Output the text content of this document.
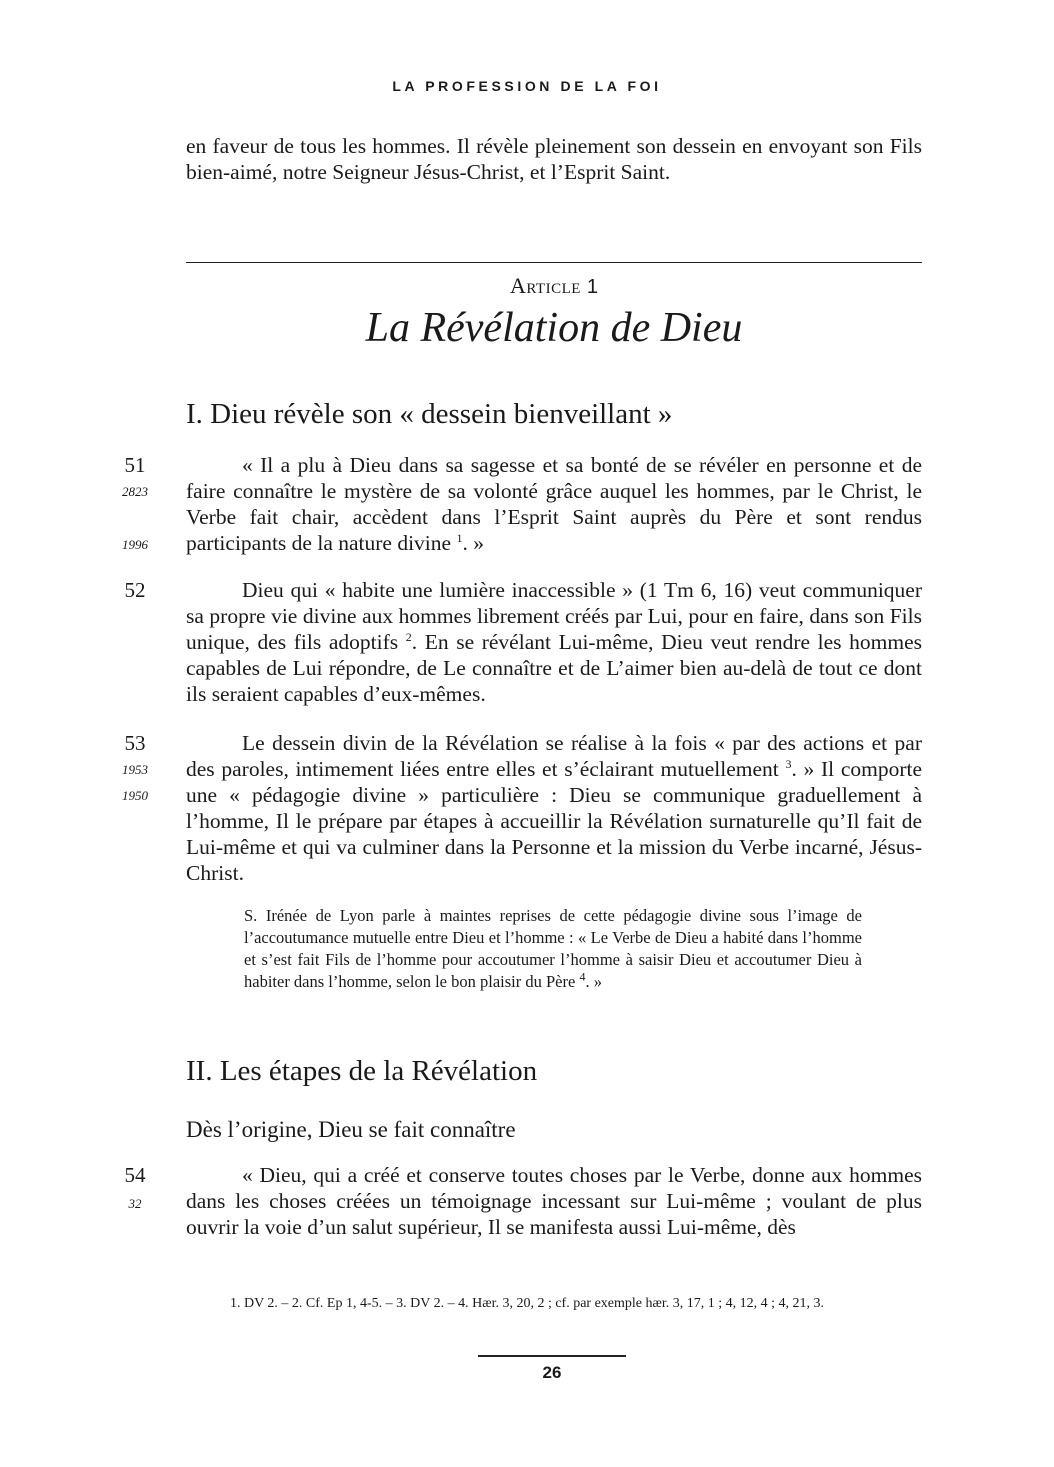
LA PROFESSION DE LA FOI
en faveur de tous les hommes. Il révèle pleinement son dessein en envoyant son Fils bien-aimé, notre Seigneur Jésus-Christ, et l’Esprit Saint.
Article 1
La Révélation de Dieu
I. Dieu révèle son « dessein bienveillant »
51
2823
1996
« Il a plu à Dieu dans sa sagesse et sa bonté de se révéler en personne et de faire connaître le mystère de sa volonté grâce auquel les hommes, par le Christ, le Verbe fait chair, accèdent dans l’Esprit Saint auprès du Père et sont rendus participants de la nature divine $^1$. »
52	Dieu qui « habite une lumière inaccessible » (1 Tm 6, 16) veut communiquer sa propre vie divine aux hommes librement créés par Lui, pour en faire, dans son Fils unique, des fils adoptifs $^2$. En se révélant Lui-même, Dieu veut rendre les hommes capables de Lui répondre, de Le connaître et de L’aimer bien au-delà de tout ce dont ils seraient capables d’eux-mêmes.
53
1953
1950
Le dessein divin de la Révélation se réalise à la fois « par des actions et par des paroles, intimement liées entre elles et s’éclairant mutuellement $^3$. » Il comporte une « pédagogie divine » particulière : Dieu se communique graduellement à l’homme, Il le prépare par étapes à accueillir la Révélation surnaturelle qu’Il fait de Lui-même et qui va culminer dans la Personne et la mission du Verbe incarné, Jésus-Christ.
S. Irénée de Lyon parle à maintes reprises de cette pédagogie divine sous l’image de l’accoutumance mutuelle entre Dieu et l’homme : « Le Verbe de Dieu a habité dans l’homme et s’est fait Fils de l’homme pour accoutumer l’homme à saisir Dieu et accoutumer Dieu à habiter dans l’homme, selon le bon plaisir du Père $^4$. »
II. Les étapes de la Révélation
Dès l’origine, Dieu se fait connaître
54
32
« Dieu, qui a créé et conserve toutes choses par le Verbe, donne aux hommes dans les choses créées un témoignage incessant sur Lui-même ; voulant de plus ouvrir la voie d’un salut supérieur, Il se manifesta aussi Lui-même, dès
1. DV 2. – 2. Cf. Ep 1, 4-5. – 3. DV 2. – 4. Hær. 3, 20, 2 ; cf. par exemple hær. 3, 17, 1 ; 4, 12, 4 ; 4, 21, 3.
26
